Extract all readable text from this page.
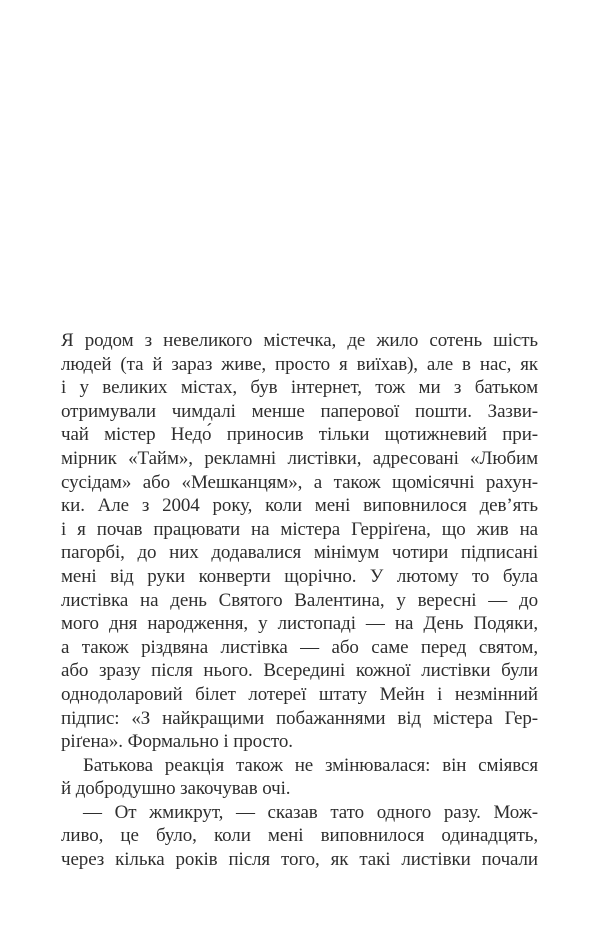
Я родом з невеликого містечка, де жило сотень шість
людей (та й зараз живе, просто я виїхав), але в нас, як
і у великих містах, був інтернет, тож ми з батьком
отримували чимдалі менше паперової пошти. Зазви-
чай містер Недо́ приносив тільки щотижневий при-
мірник «Тайм», рекламні листівки, адресовані «Любим
сусідам» або «Мешканцям», а також щомісячні рахун-
ки. Але з 2004 року, коли мені виповнилося дев’ять
і я почав працювати на містера Герріґена, що жив на
пагорбі, до них додавалися мінімум чотири підписані
мені від руки конверти щорічно. У лютому то була
листівка на день Святого Валентина, у вересні — до
мого дня народження, у листопаді — на День Подяки,
а також різдвяна листівка — або саме перед святом,
або зразу після нього. Всередині кожної листівки були
однодоларовий білет лотереї штату Мейн і незмінний
підпис: «З найкращими побажаннями від містера Гер-
ріґена». Формально і просто.
Батькова реакція також не змінювалася: він сміявся
й добродушно закочував очі.
— От жмикрут, — сказав тато одного разу. Мож-
ливо, це було, коли мені виповнилося одинадцять,
через кілька років після того, як такі листівки почали
